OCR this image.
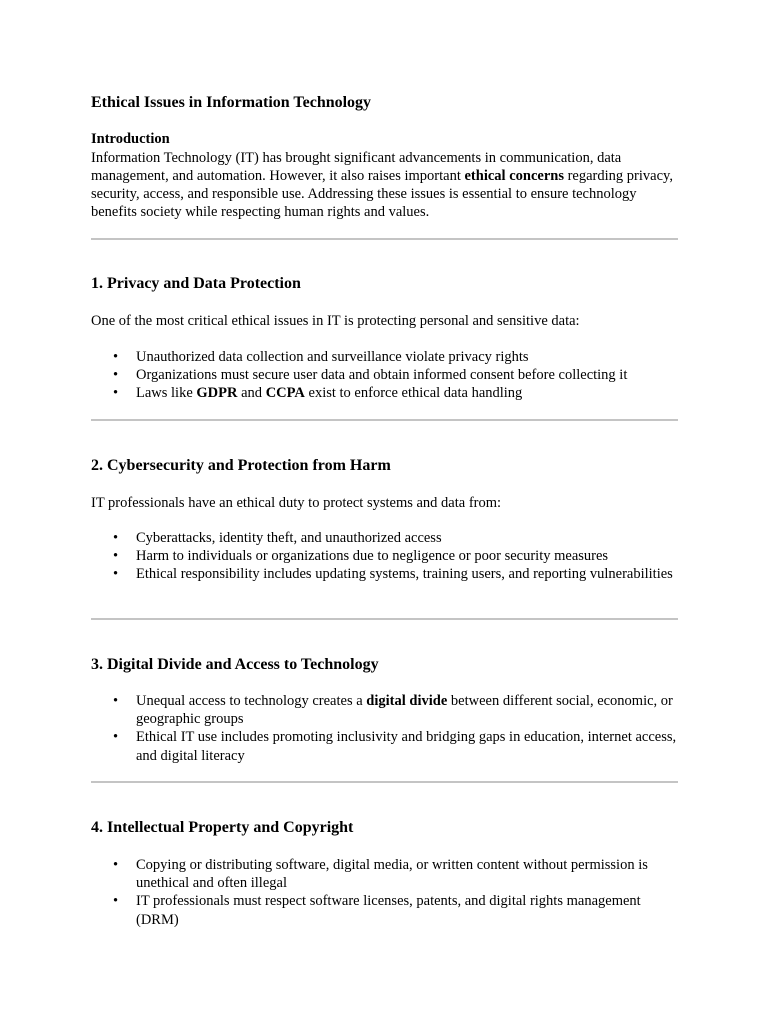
Ethical Issues in Information Technology
Introduction

Information Technology (IT) has brought significant advancements in communication, data management, and automation. However, it also raises important ethical concerns regarding privacy, security, access, and responsible use. Addressing these issues is essential to ensure technology benefits society while respecting human rights and values.

1. Privacy and Data Protection

One of the most critical ethical issues in IT is protecting personal and sensitive data:

• Unauthorized data collection and surveillance violate privacy rights
• Organizations must secure user data and obtain informed consent before collecting it
• Laws like GDPR and CCPA exist to enforce ethical data handling
2. Cybersecurity and Protection from Harm

IT professionals have an ethical duty to protect systems and data from:

• Cyberattacks, identity theft, and unauthorized access
• Harm to individuals or organizations due to negligence or poor security measures
• Ethical responsibility includes updating systems, training users, and reporting vulnerabilities
3. Digital Divide and Access to Technology
• Unequal access to technology creates a digital divide between different social, economic, or geographic groups
• Ethical IT use includes promoting inclusivity and bridging gaps in education, internet access, and digital literacy
4. Intellectual Property and Copyright
• Copying or distributing software, digital media, or written content without permission is unethical and often illegal
• IT professionals must respect software licenses, patents, and digital rights management (DRM)
